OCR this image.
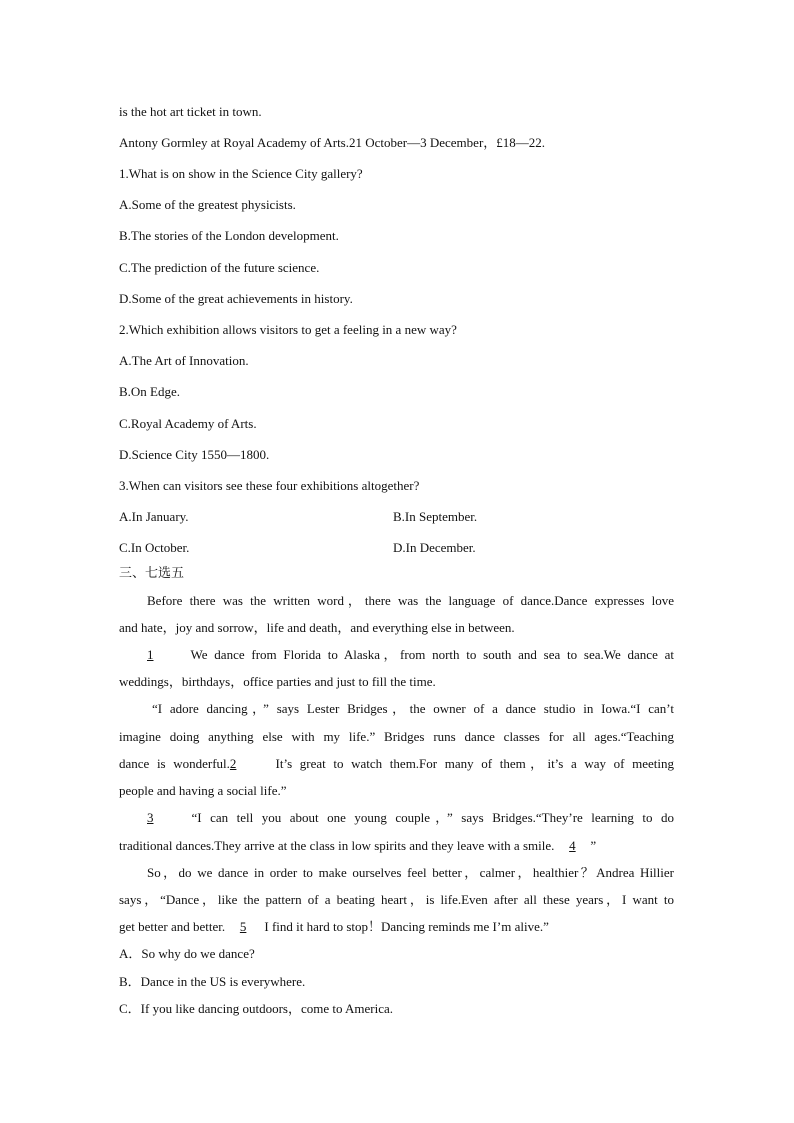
is the hot art ticket in town.
Antony Gormley at Royal Academy of Arts.21 October—3 December，£18—22.
1.What is on show in the Science City gallery?
A.Some of the greatest physicists.
B.The stories of the London development.
C.The prediction of the future science.
D.Some of the great achievements in history.
2.Which exhibition allows visitors to get a feeling in a new way?
A.The Art of Innovation.
B.On Edge.
C.Royal Academy of Arts.
D.Science City 1550—1800.
3.When can visitors see these four exhibitions altogether?
A.In January.	B.In September.
C.In October.	D.In December.
三、七选五
Before there was the written word，there was the language of dance.Dance expresses love
and hate，joy and sorrow，life and death，and everything else in between.
1 We dance from Florida to Alaska，from north to south and sea to sea.We dance at
weddings，birthdays，office parties and just to fill the time.
“I adore dancing，” says Lester Bridges，the owner of a dance studio in Iowa.“I can’t
imagine doing anything else with my life.” Bridges runs dance classes for all ages.“Teaching
dance is wonderful.2 It’s great to watch them.For many of them，it’s a way of meeting
people and having a social life.”
3 “I can tell you about one young couple，” says Bridges.“They’re learning to do
traditional dances.They arrive at the class in low spirits and they leave with a smile. 4 ”
So，do we dance in order to make ourselves feel better，calmer，healthier？Andrea Hillier
says，“Dance，like the pattern of a beating heart，is life.Even after all these years，I want to
get better and better. 5 I find it hard to stop！Dancing reminds me I’m alive.”
A．So why do we dance?
B．Dance in the US is everywhere.
C．If you like dancing outdoors，come to America.
